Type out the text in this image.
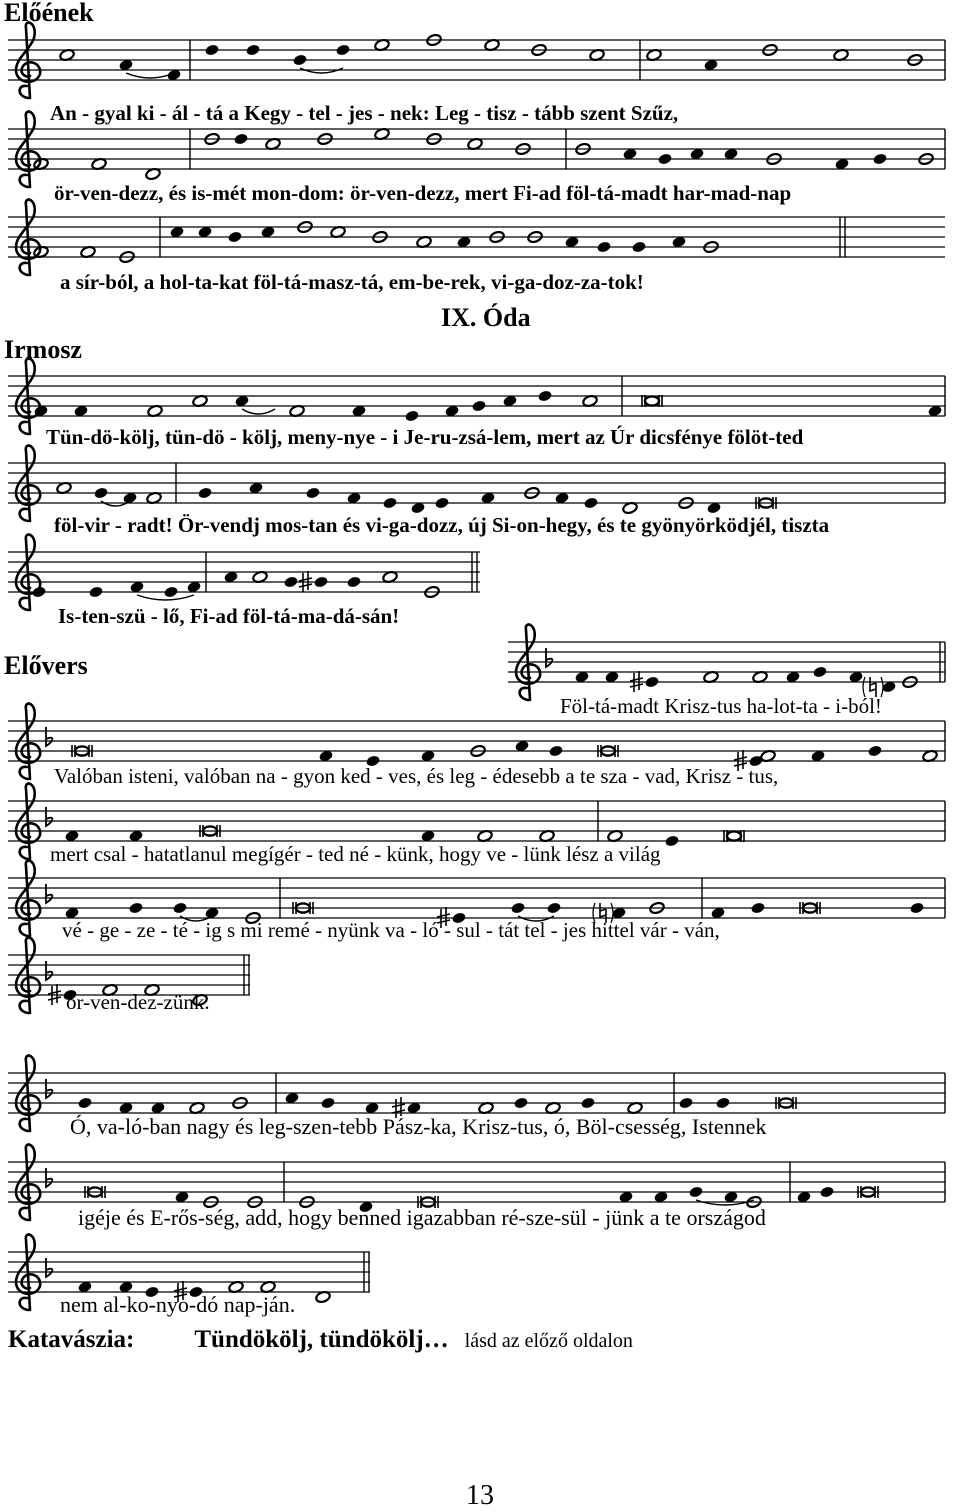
Előének
IX. Óda
Irmosz
Elővers
An - gyal ki - ál - tá a Kegy - tel - jes - nek: Leg - tisz - tább szent Szűz,
ör-ven-dezz, és is-mét mon-dom: ör-ven-dezz, mert Fi-ad föl-tá-madt har-mad-nap
a sír-ból, a hol-ta-kat föl-tá-masz-tá, em-be-rek, vi-ga-doz-za-tok!
Tün-dö-kölj, tün-dö - kölj, meny-nye - i Je-ru-zsá-lem, mert az Úr dicsfénye fölöt-ted
föl-vir - radt! Ör-vendj mos-tan és vi-ga-dozz, új Si-on-hegy, és te gyönyörködjél, tiszta
Is-ten-szü - lő, Fi-ad föl-tá-ma-dá-sán!
Föl-tá-madt Krisz-tus ha-lot-ta - i-ból!
Valóban isteni, valóban na - gyon ked - ves, és leg - édesebb a te sza - vad, Krisz - tus,
mert csal - hatatlanul megígér - ted né - künk, hogy ve - lünk lész a világ
vé - ge - ze - té - ig s mi remé - nyünk va - ló - sul - tát tel - jes hittel vár - ván,
ör-ven-dez-zünk.
Ó, va-ló-ban nagy és leg-szen-tebb Pász-ka, Krisz-tus, ó, Böl-csesség, Istennek
igéje és E-rős-ség, add, hogy benned igazabban ré-sze-sül - jünk a te országod
nem al-ko-nyo-dó nap-ján.
Katavászia: Tündökölj, tündökölj… lásd az előző oldalon
13
